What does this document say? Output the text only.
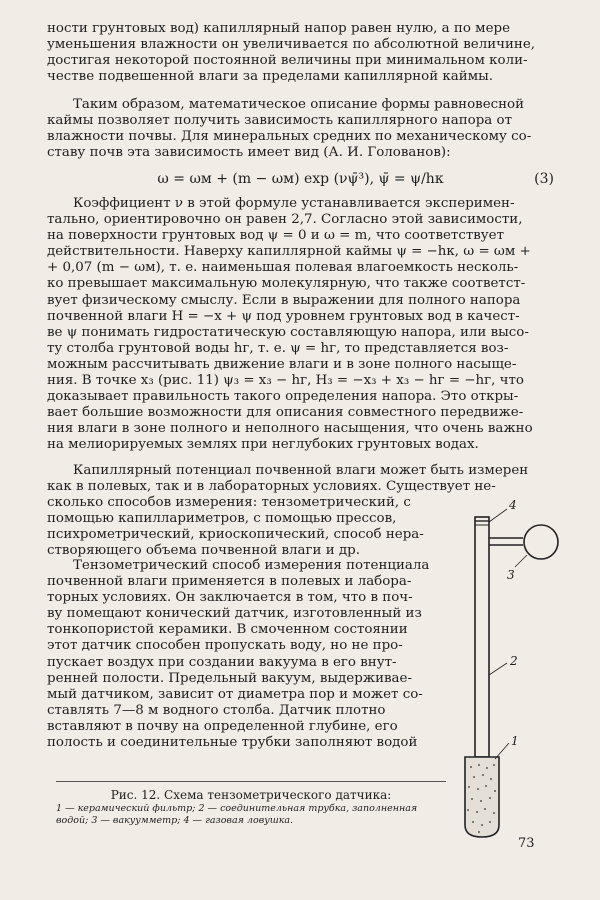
ности грунтовых вод) капиллярный напор равен нулю, а по мере
уменьшения влажности он увеличивается по абсолютной величине,
достигая некоторой постоянной величины при минимальном коли-
честве подвешенной влаги за пределами капиллярной каймы.
Таким образом, математическое описание формы равновесной
каймы позволяет получить зависимость капиллярного напора от
влажности почвы. Для минеральных средних по механическому со-
ставу почв эта зависимость имеет вид (А. И. Голованов):
ω = ωм + (m − ωм) exp (νψ̄³), ψ̄ = ψ/hк	(3)
Коэффициент ν в этой формуле устанавливается эксперимен-
тально, ориентировочно он равен 2,7. Согласно этой зависимости,
на поверхности грунтовых вод ψ = 0 и ω = m, что соответствует
действительности. Наверху капиллярной каймы ψ = −hк, ω = ωм +
+ 0,07 (m − ωм), т. е. наименьшая полевая влагоемкость несколь-
ко превышает максимальную молекулярную, что также соответст-
вует физическому смыслу. Если в выражении для полного напора
почвенной влаги H = −x + ψ под уровнем грунтовых вод в качест-
ве ψ понимать гидростатическую составляющую напора, или высо-
ту столба грунтовой воды hг, т. е. ψ = hг, то представляется воз-
можным рассчитывать движение влаги и в зоне полного насыще-
ния. В точке x₃ (рис. 11) ψ₃ = x₃ − hг, H₃ = −x₃ + x₃ − hг = −hг, что
доказывает правильность такого определения напора. Это откры-
вает большие возможности для описания совместного передвиже-
ния влаги в зоне полного и неполного насыщения, что очень важно
на мелиорируемых землях при неглубоких грунтовых водах.
Капиллярный потенциал почвенной влаги может быть измерен
как в полевых, так и в лабораторных условиях. Существует не-
сколько способов измерения: тензометрический, с
помощью капиллариметров, с помощью прессов,
психрометрический, криоскопический, способ нера-
створяющего объема почвенной влаги и др.
Тензометрический способ измерения потенциала
почвенной влаги применяется в полевых и лабора-
торных условиях. Он заключается в том, что в поч-
ву помещают конический датчик, изготовленный из
тонкопористой керамики. В смоченном состоянии
этот датчик способен пропускать воду, но не про-
пускает воздух при создании вакуума в его внут-
ренней полости. Предельный вакуум, выдерживае-
мый датчиком, зависит от диаметра пор и может со-
ставлять 7—8 м водного столба. Датчик плотно
вставляют в почву на определенной глубине, его
полость и соединительные трубки заполняют водой
4
3
2
1
Рис. 12. Схема тензометрического датчика:
1 — керамический фильтр; 2 — соединительная трубка, заполненная водой; 3 — вакуумметр; 4 — газовая ловушка.
73
